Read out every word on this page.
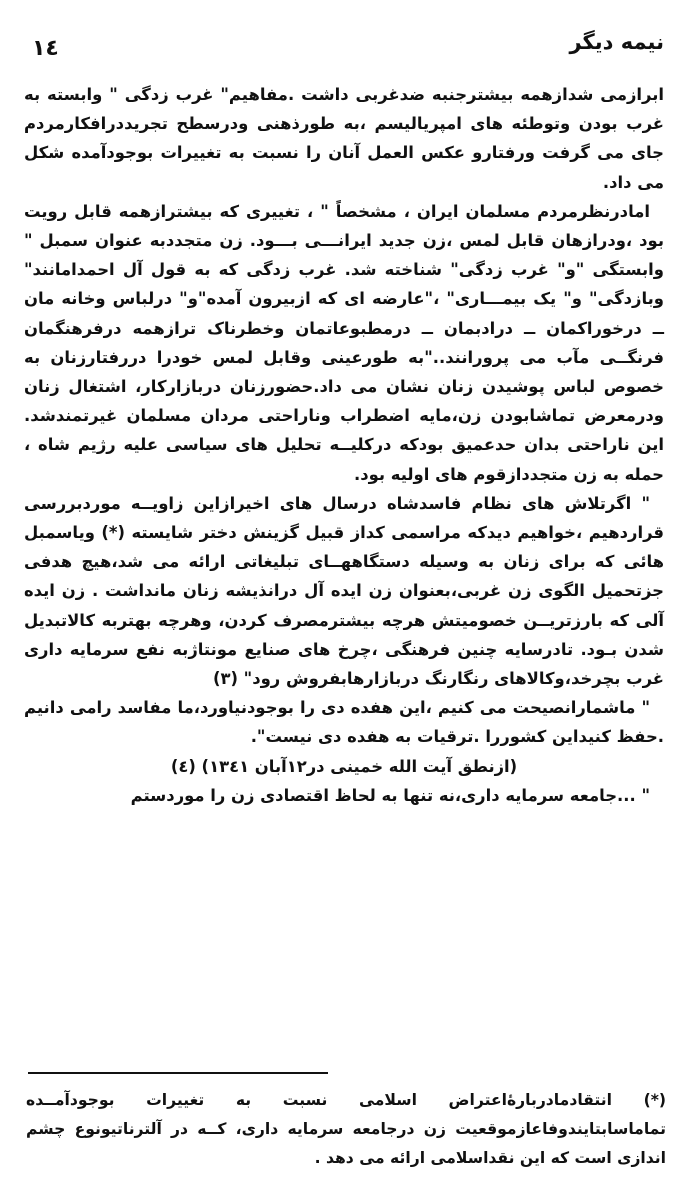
١٤	نیمه دیگر

ابرازمی شدازهمه بیشترجنبه ضدغربی داشت .مفاهیم" غرب زدگی " وابسته به غرب بودن وتوطئه های امپریالیسم ،به طورذهنی ودرسطح تجریددرافکارمردم جای می گرفت ورفتارو عکس العمل آنان را نسبت به تغییرات بوجودآمده شکل می داد.

امادرنظرمردم مسلمان ایران ، مشخصاً " ، تغییری که بیشترازهمه قابل رویت بود ،ودرازهان قابل لمس ،زن جدید ایرانـــی بـــود. زن متجددبه عنوان سمبل " وابستگی "و" غرب زدگی" شناخته شد. غرب زدگی که به قول آل احمدامانند" وبازدگی" و" یک بیمـــاری" ،"عارضه ای که ازبیرون آمده"و" درلباس وخانه مان ــ درخوراکمان ــ درادبمان ــ درمطبوعاتمان وخطرناک ترازهمه درفرهنگمان فرنگــی مآب می پرورانند.."به طورعینی وقابل لمس خودرا دررفتارزنان به خصوص لباس پوشیدن زنان نشان می داد.حضورزنان دربازارکار، اشتغال زنان ودرمعرض تماشابودن زن،مایه اضطراب وناراحتی مردان مسلمان غیرتمندشد. این ناراحتی بدان حدعمیق بودکه درکلیــه تحلیل های سیاسی علیه رژیم شاه ، حمله به زن متجددازقوم های اولیه بود.

" اگرتلاش های نظام فاسدشاه درسال های اخیرازاین زاویــه موردبررسی قراردهیم ،خواهیم دیدکه مراسمی کداز قبیل گزینش دختر شایسته (*) ویاسمبل هائی که برای زنان به وسیله دستگاههــای تبلیغاتی ارائه می شد،هیچ هدفی جزتحمیل الگوی زن غربی،بعنوان زن ایده آل درانذیشه زنان مانداشت . زن ایده آلی که بارزتریــن خصومیتش هرچه بیشترمصرف کردن، وهرچه بهتربه کالاتبدیل شدن بـود. تادرسایه چنین فرهنگی ،چرخ های صنایع مونتاژبه نفع سرمایه داری غرب بچرخد،وکالاهای رنگارنگ دربازارهابفروش رود" (٣)

" ماشمارانصیحت می کنیم ،این هفده دی را بوجودنیاورد،ما مفاسد رامی دانیم .حفظ کنیداین کشوررا .ترقیات به هفده دی نیست".

(ازنطق آیت الله خمینی در١٢آبان ١٣٤١) (٤)

" ...جامعه سرمایه داری،نه تنها به لحاظ اقتصادی زن را موردستم

(*) انتقادمادربارۀاعتراض اسلامی نسبت به تغییرات بوجودآمــده تماماسابتایندوفاعازموقعیت زن درجامعه سرمایه داری، کــه در آلترناتیونوع چشم اندازی است که این نقداسلامی ارائه می دهد .
